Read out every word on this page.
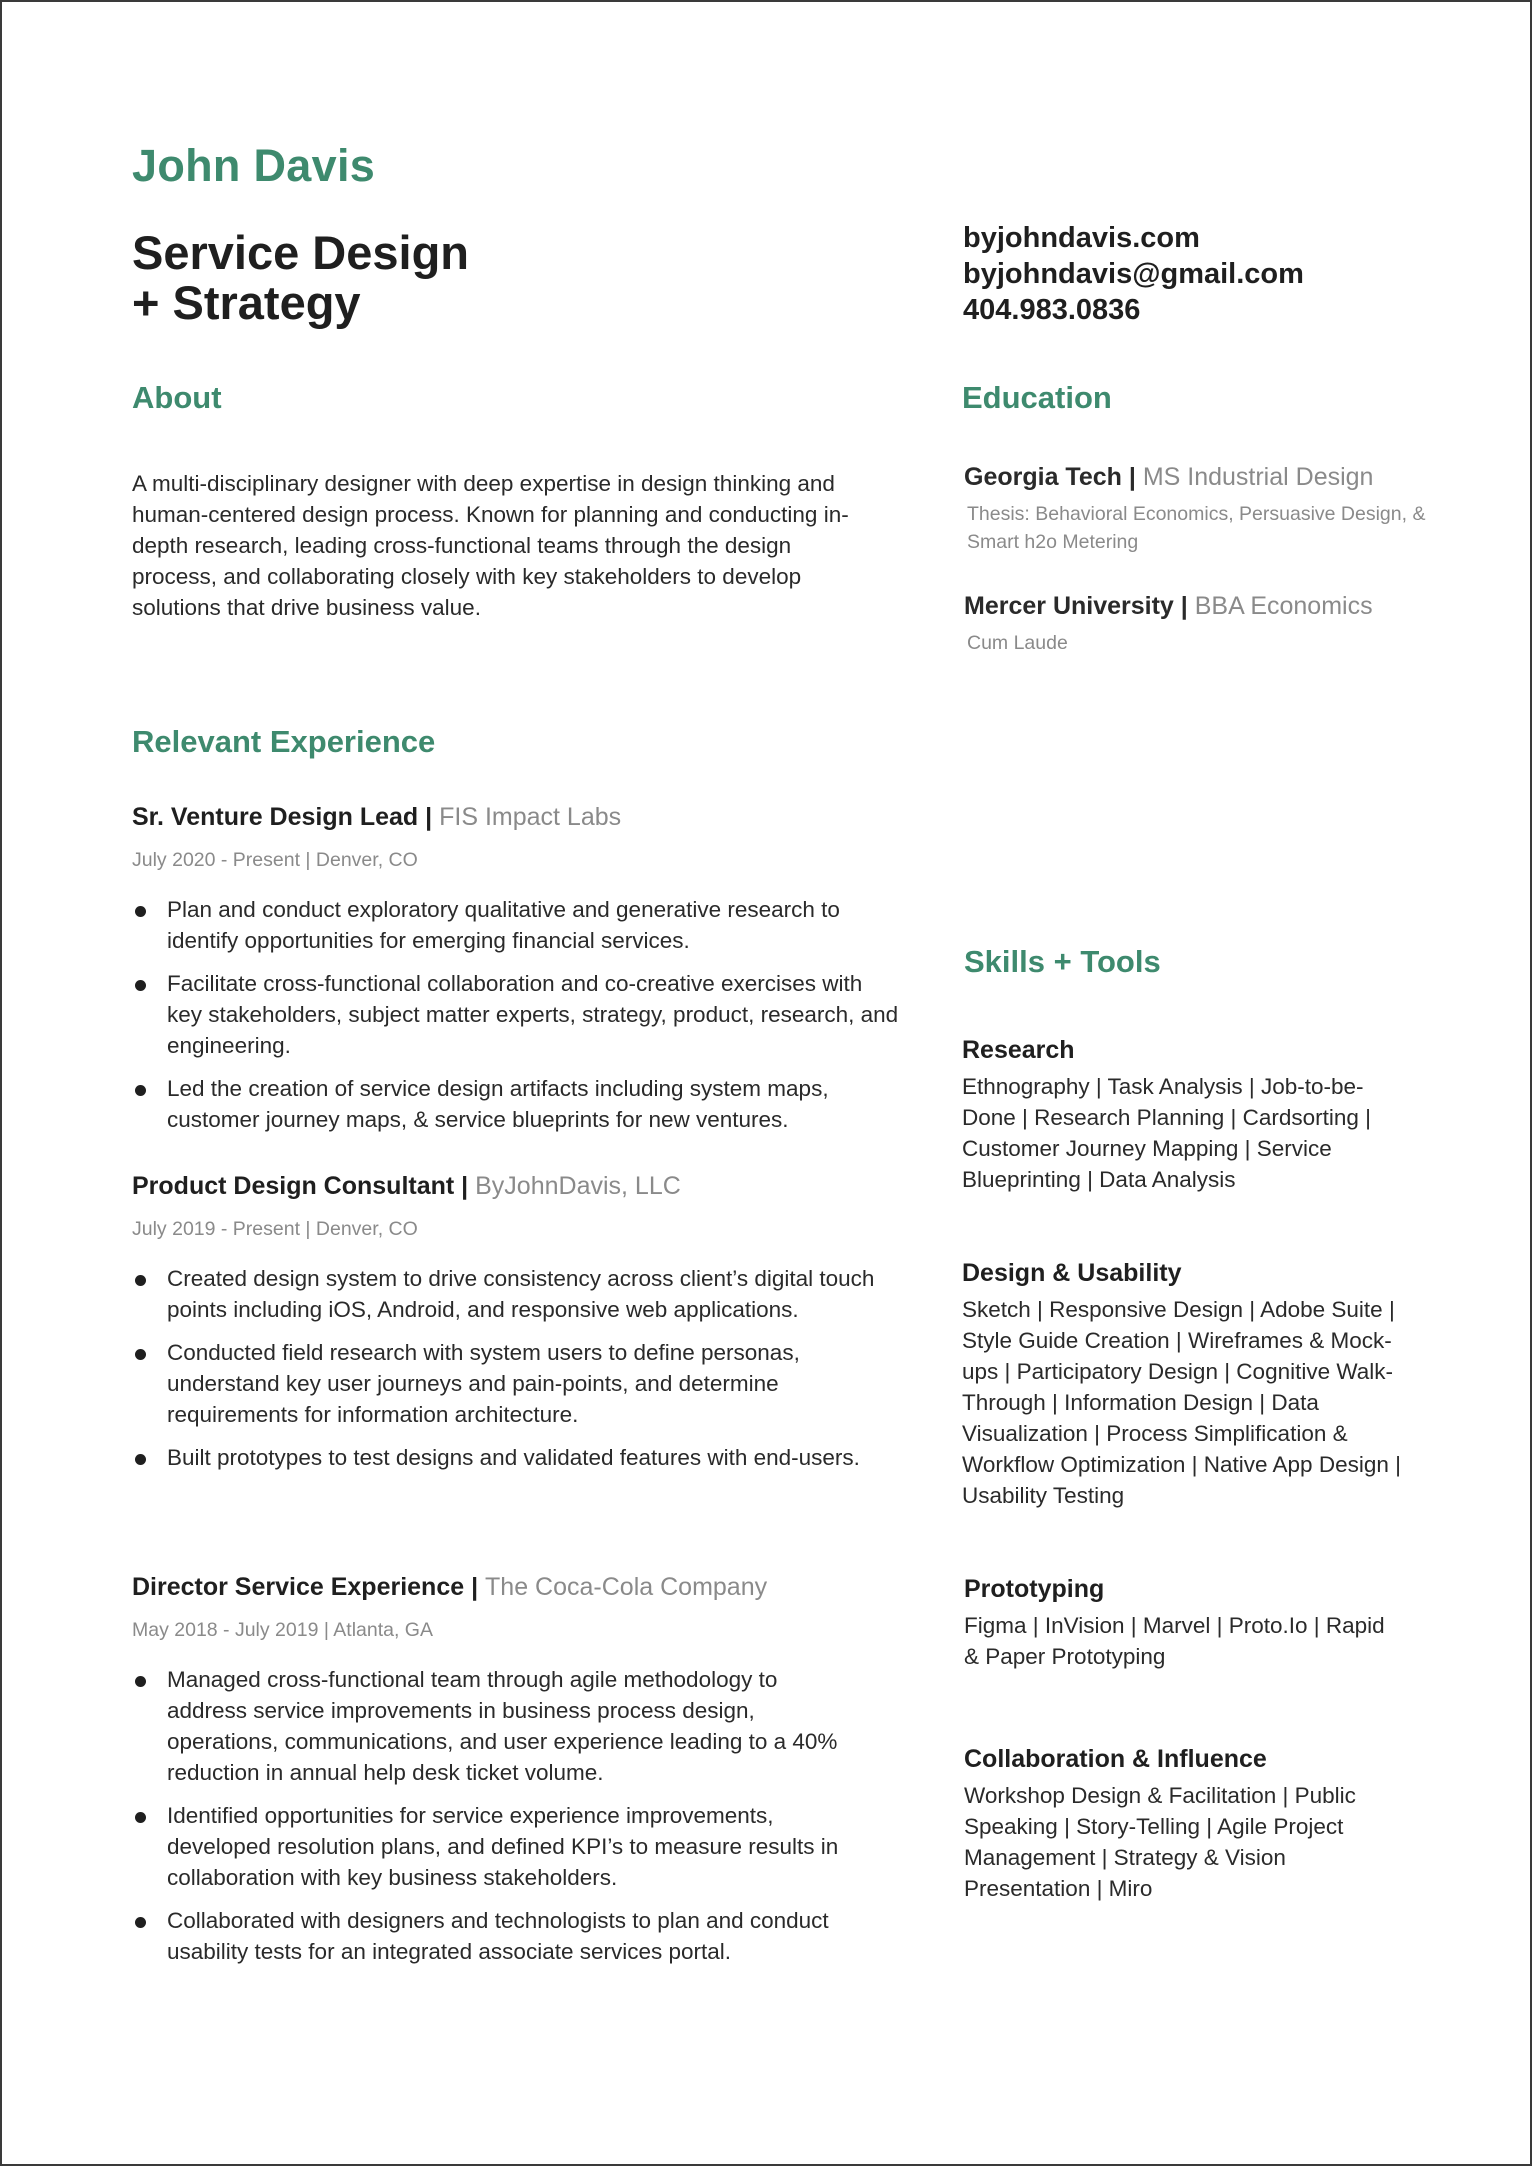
John Davis
Service Design
+ Strategy
byjohndavis.com
byjohndavis@gmail.com
404.983.0836
About
A multi-disciplinary designer with deep expertise in design thinking and human-centered design process. Known for planning and conducting in-depth research, leading cross-functional teams through the design process, and collaborating closely with key stakeholders to develop solutions that drive business value.
Education
Georgia Tech | MS Industrial Design
Thesis: Behavioral Economics, Persuasive Design, & Smart h2o Metering
Mercer University | BBA Economics
Cum Laude
Relevant Experience
Sr. Venture Design Lead | FIS Impact Labs
July 2020 - Present | Denver, CO
Plan and conduct exploratory qualitative and generative research to identify opportunities for emerging financial services.
Facilitate cross-functional collaboration and co-creative exercises with key stakeholders, subject matter experts, strategy, product, research, and engineering.
Led the creation of service design artifacts including system maps, customer journey maps, & service blueprints for new ventures.
Product Design Consultant | ByJohnDavis, LLC
July 2019 - Present | Denver, CO
Created design system to drive consistency across client’s digital touch points including iOS, Android, and responsive web applications.
Conducted field research with system users to define personas, understand key user journeys and pain-points, and determine requirements for information architecture.
Built prototypes to test designs and validated features with end-users.
Director Service Experience | The Coca-Cola Company
May 2018 - July 2019 | Atlanta, GA
Managed cross-functional team through agile methodology to address service improvements in business process design, operations, communications, and user experience leading to a 40% reduction in annual help desk ticket volume.
Identified opportunities for service experience improvements, developed resolution plans, and defined KPI’s to measure results in collaboration with key business stakeholders.
Collaborated with designers and technologists to plan and conduct usability tests for an integrated associate services portal.
Skills + Tools
Research
Ethnography | Task Analysis | Job-to-be-Done | Research Planning | Cardsorting | Customer Journey Mapping | Service Blueprinting | Data Analysis
Design & Usability
Sketch | Responsive Design | Adobe Suite | Style Guide Creation | Wireframes & Mock-ups | Participatory Design | Cognitive Walk-Through | Information Design | Data Visualization | Process Simplification & Workflow Optimization | Native App Design | Usability Testing
Prototyping
Figma | InVision | Marvel | Proto.Io | Rapid & Paper Prototyping
Collaboration & Influence
Workshop Design & Facilitation | Public Speaking | Story-Telling | Agile Project Management | Strategy & Vision Presentation | Miro
